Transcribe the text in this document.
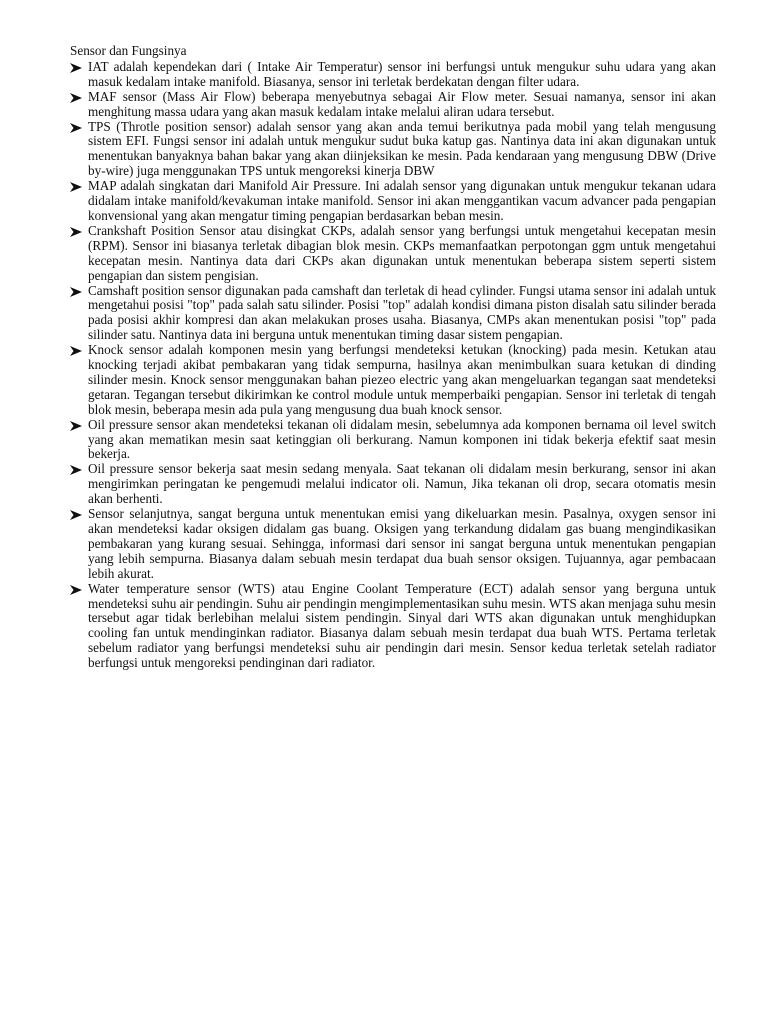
Sensor dan Fungsinya
IAT adalah kependekan dari ( Intake Air Temperatur) sensor ini berfungsi untuk mengukur suhu udara yang akan masuk kedalam intake manifold. Biasanya, sensor ini terletak berdekatan dengan filter udara.
MAF sensor (Mass Air Flow) beberapa menyebutnya sebagai Air Flow meter. Sesuai namanya, sensor ini akan menghitung massa udara yang akan masuk kedalam intake melalui aliran udara tersebut.
TPS (Throtle position sensor) adalah sensor yang akan anda temui berikutnya pada mobil yang telah mengusung sistem EFI. Fungsi sensor ini adalah untuk mengukur sudut buka katup gas. Nantinya data ini akan digunakan untuk menentukan banyaknya bahan bakar yang akan diinjeksikan ke mesin. Pada kendaraan yang mengusung DBW (Drive by-wire) juga menggunakan TPS untuk mengoreksi kinerja DBW
MAP adalah singkatan dari Manifold Air Pressure. Ini adalah sensor yang digunakan untuk mengukur tekanan udara didalam intake manifold/kevakuman intake manifold. Sensor ini akan menggantikan vacum advancer pada pengapian konvensional yang akan mengatur timing pengapian berdasarkan beban mesin.
Crankshaft Position Sensor atau disingkat CKPs, adalah sensor yang berfungsi untuk mengetahui kecepatan mesin (RPM). Sensor ini biasanya terletak dibagian blok mesin. CKPs memanfaatkan perpotongan ggm untuk mengetahui kecepatan mesin. Nantinya data dari CKPs akan digunakan untuk menentukan beberapa sistem seperti sistem pengapian dan sistem pengisian.
Camshaft position sensor digunakan pada camshaft dan terletak di head cylinder. Fungsi utama sensor ini adalah untuk mengetahui posisi "top" pada salah satu silinder. Posisi "top" adalah kondisi dimana piston disalah satu silinder berada pada posisi akhir kompresi dan akan melakukan proses usaha. Biasanya, CMPs akan menentukan posisi "top" pada silinder satu. Nantinya data ini berguna untuk menentukan timing dasar sistem pengapian.
Knock sensor adalah komponen mesin yang berfungsi mendeteksi ketukan (knocking) pada mesin. Ketukan atau knocking terjadi akibat pembakaran yang tidak sempurna, hasilnya akan menimbulkan suara ketukan di dinding silinder mesin. Knock sensor menggunakan bahan piezeo electric yang akan mengeluarkan tegangan saat mendeteksi getaran. Tegangan tersebut dikirimkan ke control module untuk memperbaiki pengapian. Sensor ini terletak di tengah blok mesin, beberapa mesin ada pula yang mengusung dua buah knock sensor.
Oil pressure sensor akan mendeteksi tekanan oli didalam mesin, sebelumnya ada komponen bernama oil level switch yang akan mematikan mesin saat ketinggian oli berkurang. Namun komponen ini tidak bekerja efektif saat mesin bekerja.
Oil pressure sensor bekerja saat mesin sedang menyala. Saat tekanan oli didalam mesin berkurang, sensor ini akan mengirimkan peringatan ke pengemudi melalui indicator oli. Namun, Jika tekanan oli drop, secara otomatis mesin akan berhenti.
Sensor selanjutnya, sangat berguna untuk menentukan emisi yang dikeluarkan mesin. Pasalnya, oxygen sensor ini akan mendeteksi kadar oksigen didalam gas buang. Oksigen yang terkandung didalam gas buang mengindikasikan pembakaran yang kurang sesuai. Sehingga, informasi dari sensor ini sangat berguna untuk menentukan pengapian yang lebih sempurna. Biasanya dalam sebuah mesin terdapat dua buah sensor oksigen. Tujuannya, agar pembacaan lebih akurat.
Water temperature sensor (WTS) atau Engine Coolant Temperature (ECT) adalah sensor yang berguna untuk mendeteksi suhu air pendingin. Suhu air pendingin mengimplementasikan suhu mesin. WTS akan menjaga suhu mesin tersebut agar tidak berlebihan melalui sistem pendingin. Sinyal dari WTS akan digunakan untuk menghidupkan cooling fan untuk mendinginkan radiator. Biasanya dalam sebuah mesin terdapat dua buah WTS. Pertama terletak sebelum radiator yang berfungsi mendeteksi suhu air pendingin dari mesin. Sensor kedua terletak setelah radiator berfungsi untuk mengoreksi pendinginan dari radiator.
